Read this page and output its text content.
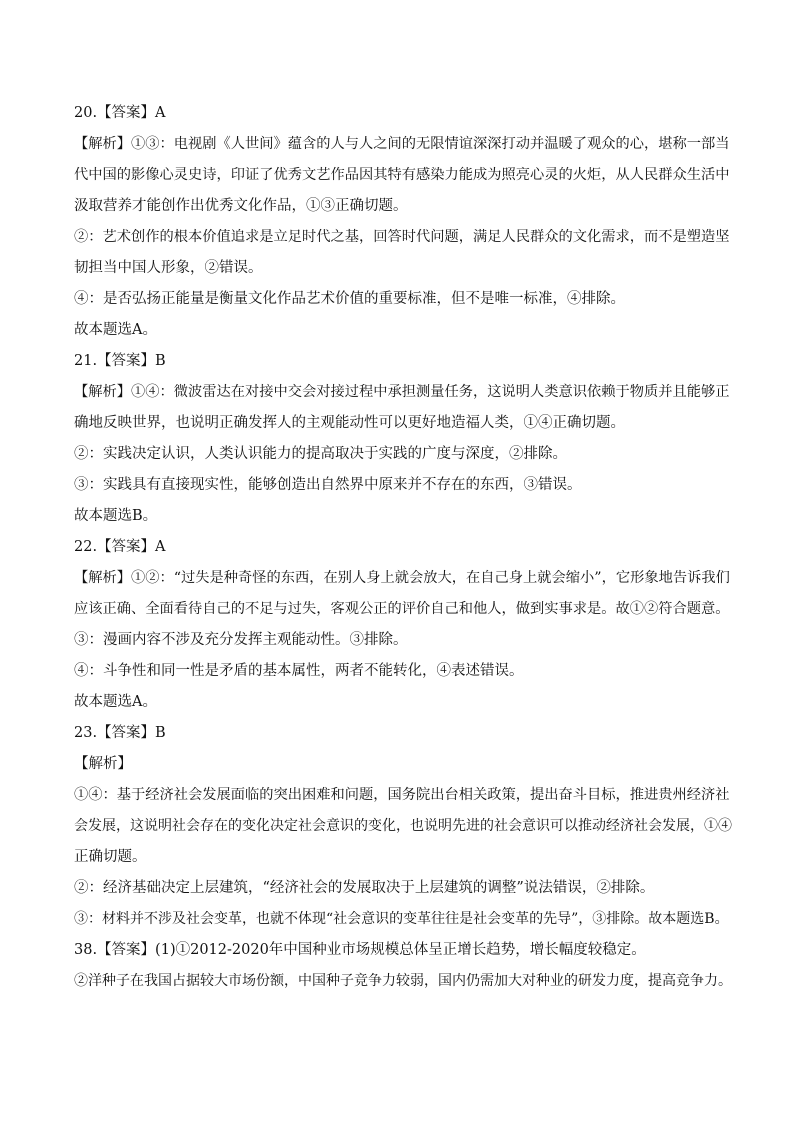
20.【答案】A
【解析】①③：电视剧《人世间》蕴含的人与人之间的无限情谊深深打动并温暖了观众的心，堪称一部当
代中国的影像心灵史诗，印证了优秀文艺作品因其特有感染力能成为照亮心灵的火炬，从人民群众生活中
汲取营养才能创作出优秀文化作品，①③正确切题。
②：艺术创作的根本价值追求是立足时代之基，回答时代问题，满足人民群众的文化需求，而不是塑造坚
韧担当中国人形象，②错误。
④：是否弘扬正能量是衡量文化作品艺术价值的重要标准，但不是唯一标准，④排除。
故本题选A。
21.【答案】B
【解析】①④：微波雷达在对接中交会对接过程中承担测量任务，这说明人类意识依赖于物质并且能够正
确地反映世界，也说明正确发挥人的主观能动性可以更好地造福人类，①④正确切题。
②：实践决定认识，人类认识能力的提高取决于实践的广度与深度，②排除。
③：实践具有直接现实性，能够创造出自然界中原来并不存在的东西，③错误。
故本题选B。
22.【答案】A
【解析】①②：“过失是种奇怪的东西，在别人身上就会放大，在自己身上就会缩小”，它形象地告诉我们
应该正确、全面看待自己的不足与过失，客观公正的评价自己和他人，做到实事求是。故①②符合题意。
③：漫画内容不涉及充分发挥主观能动性。③排除。
④：斗争性和同一性是矛盾的基本属性，两者不能转化，④表述错误。
故本题选A。
23.【答案】B
【解析】
①④：基于经济社会发展面临的突出困难和问题，国务院出台相关政策，提出奋斗目标，推进贵州经济社
会发展，这说明社会存在的变化决定社会意识的变化，也说明先进的社会意识可以推动经济社会发展，①④
正确切题。
②：经济基础决定上层建筑，“经济社会的发展取决于上层建筑的调整”说法错误，②排除。
③：材料并不涉及社会变革，也就不体现“社会意识的变革往往是社会变革的先导”，③排除。故本题选B。
38.【答案】(1)①2012-2020年中国种业市场规模总体呈正增长趋势，增长幅度较稳定。
②洋种子在我国占据较大市场份额，中国种子竞争力较弱，国内仍需加大对种业的研发力度，提高竞争力。
